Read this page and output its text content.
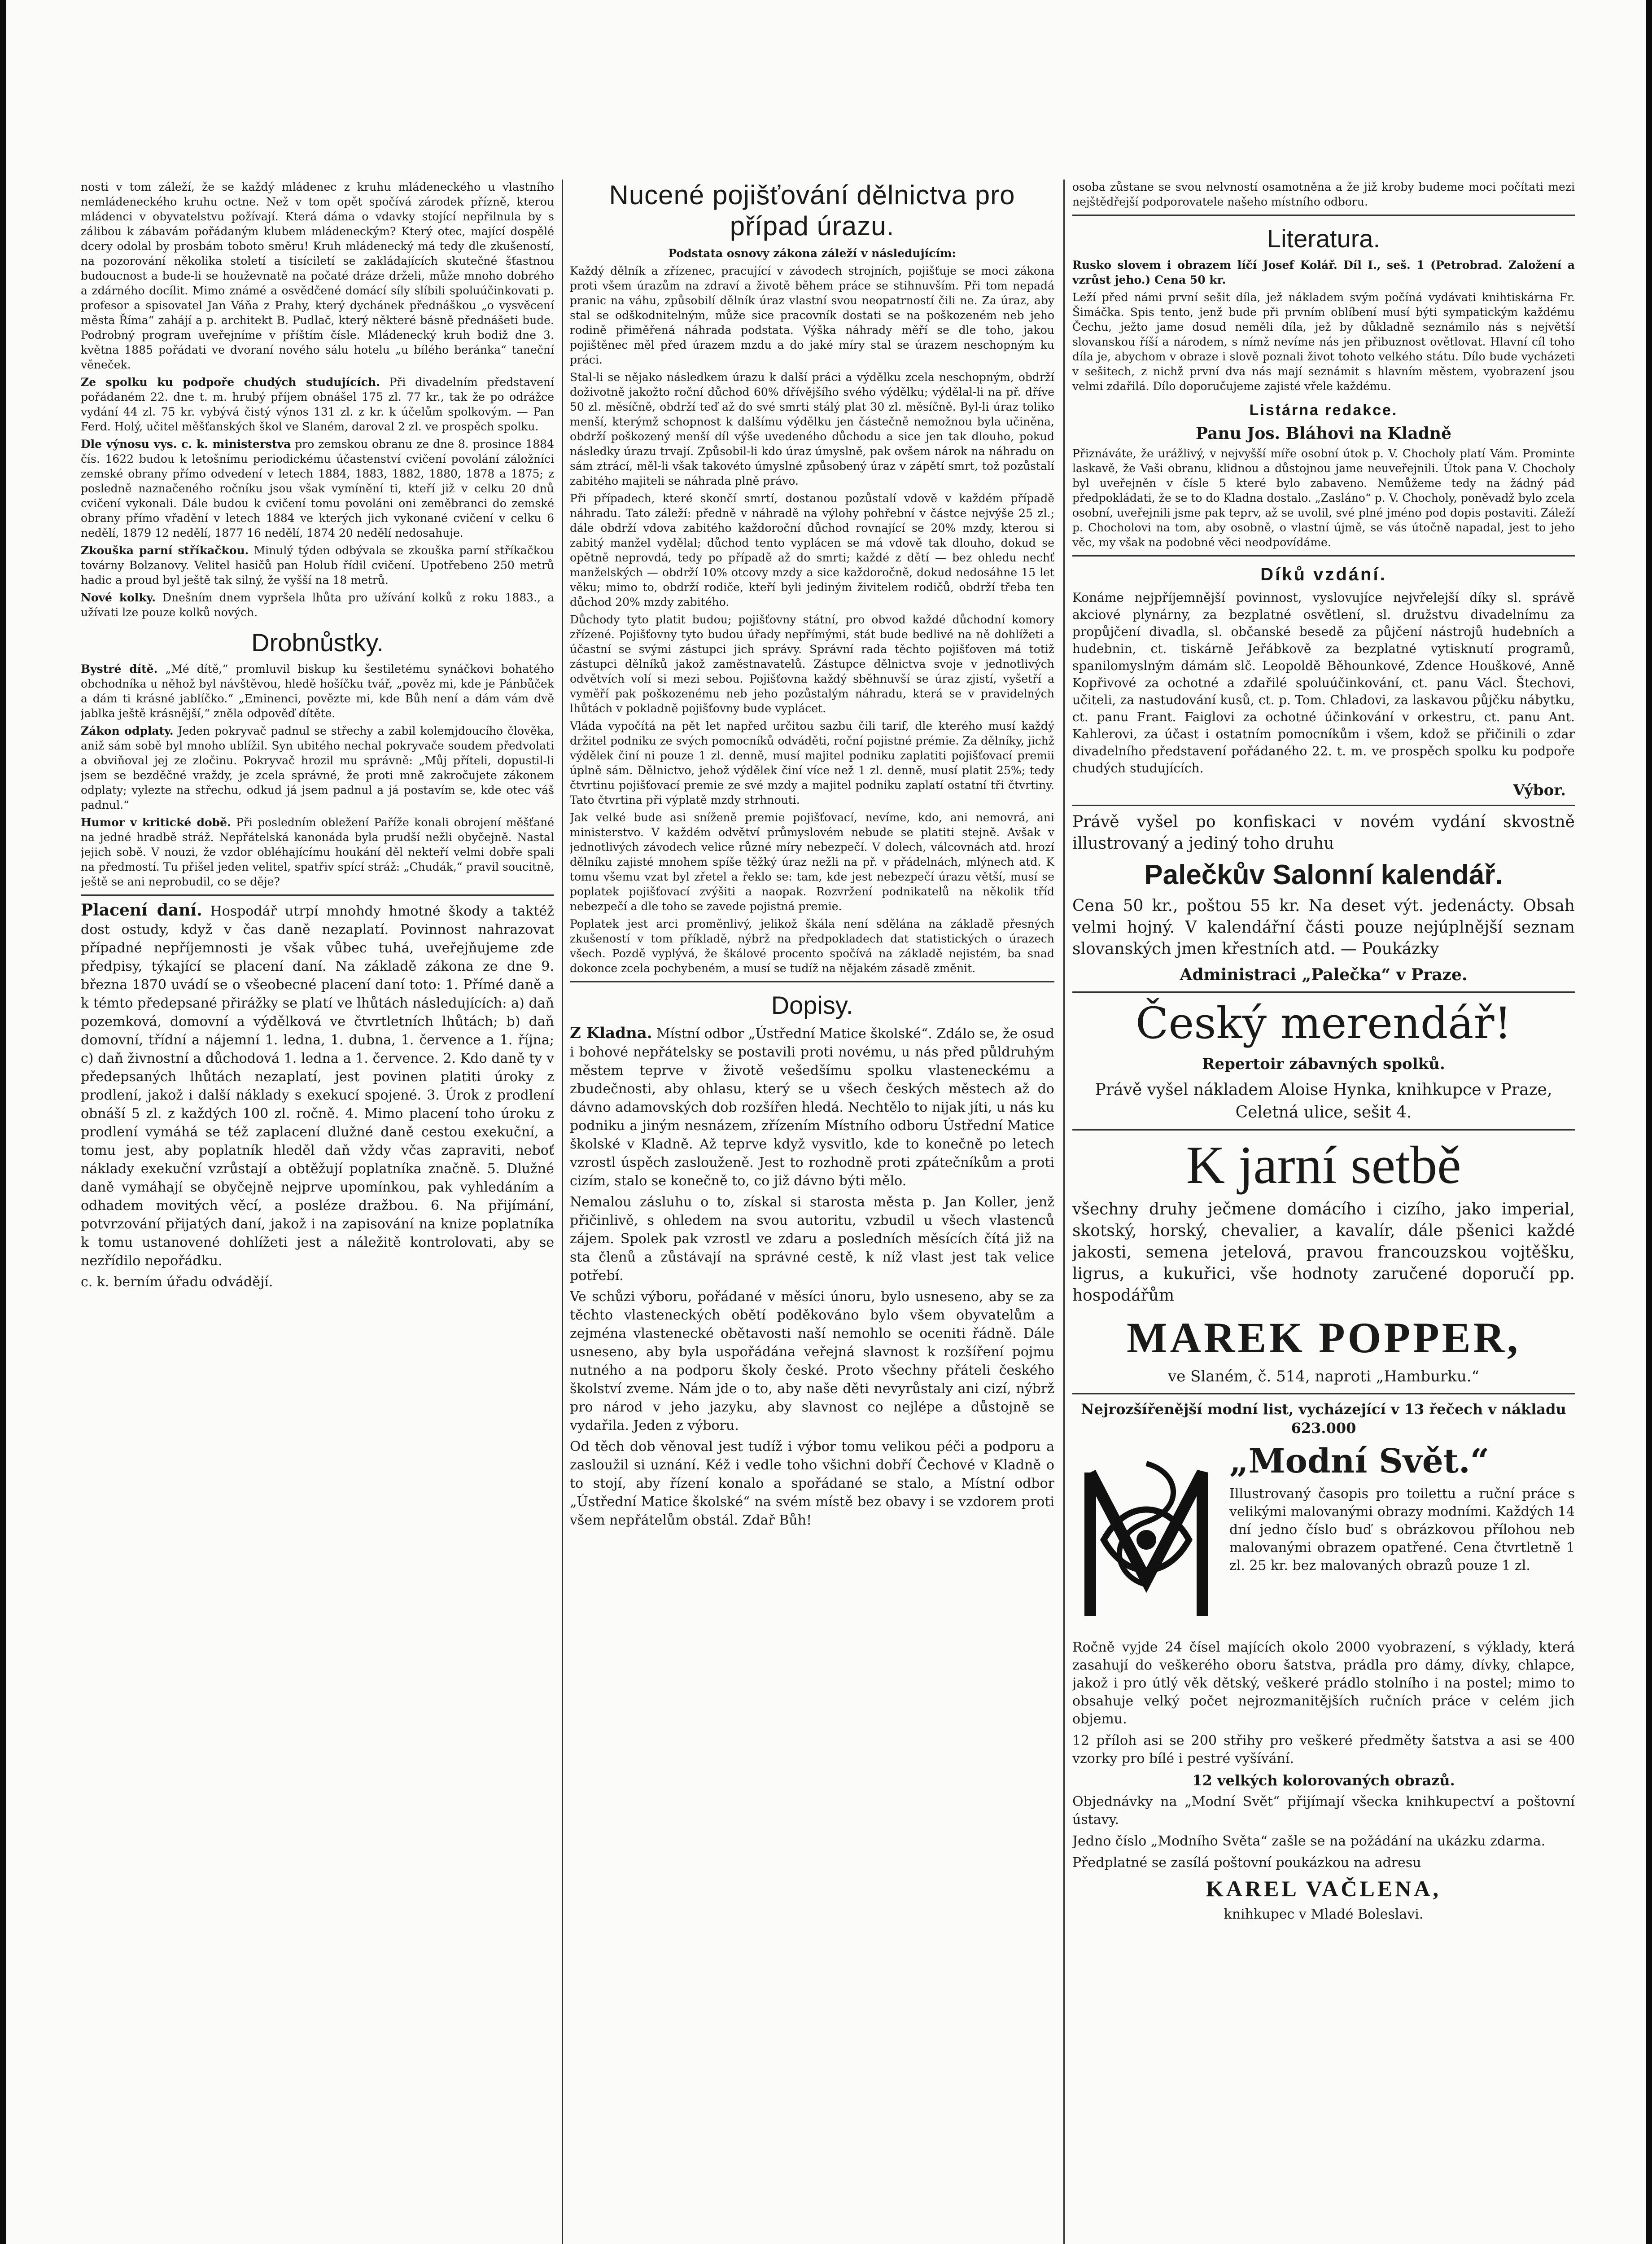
nosti v tom záleží, že se každý mládenec z kruhu mládeneckého u vlastního nemládeneckého kruhu octne. Než v tom opět spočívá zárodek přízně, kterou mládenci v obyvatelstvu požívají. Která dáma o vdavky stojící nepřilnula by s zálibou k zábavám pořádaným klubem mládeneckým? Který otec, mající dospělé dcery odolal by prosbám toboto směru! Kruh mládenecký má tedy dle zkušeností, na pozorování několika století a tisíciletí se zakládajících skutečné šťastnou budoucnost a bude-li se houževnatě na počaté dráze drželi, může mnoho dobrého a zdárného docílit. Mimo známé a osvědčené domácí síly slíbili spoluúčinkovati p. profesor a spisovatel Jan Váňa z Prahy, který dychánek přednáškou „o vysvěcení města Říma“ zahájí a p. architekt B. Pudlač, který některé básně přednášeti bude. Podrobný program uveřejníme v příštím čísle. Mládenecký kruh bodiž dne 3. května 1885 pořádati ve dvoraní nového sálu hotelu „u bílého beránka“ taneční věneček.

Ze spolku ku podpoře chudých studujících. Při divadelním představení pořádaném 22. dne t. m. hrubý příjem obnášel 175 zl. 77 kr., tak že po odrážce vydání 44 zl. 75 kr. vybývá čistý výnos 131 zl. z kr. k účelům spolkovým. — Pan Ferd. Holý, učitel měšťanských škol ve Slaném, daroval 2 zl. ve prospěch spolku.

Dle výnosu vys. c. k. ministerstva pro zemskou obranu ze dne 8. prosince 1884 čís. 1622 budou k letošnímu periodickému účastenství cvičení povolání záložníci zemské obrany přímo odvedení v letech 1884, 1883, 1882, 1880, 1878 a 1875; z posledně naznačeného ročníku jsou však vymínění ti, kteří již v celku 20 dnů cvičení vykonali. Dále budou k cvičení tomu povoláni oni zeměbranci do zemské obrany přímo vřadění v letech 1884 ve kterých jich vykonané cvičení v celku 6 nedělí, 1879 12 nedělí, 1877 16 nedělí, 1874 20 nedělí nedosahuje.

Zkouška parní stříkačkou. Minulý týden odbývala se zkouška parní stříkačkou továrny Bolzanovy. Velitel hasičů pan Holub řídil cvičení. Upotřebeno 250 metrů hadic a proud byl ještě tak silný, že vyšší na 18 metrů.

Nové kolky. Dnešním dnem vypršela lhůta pro užívání kolků z roku 1883., a užívati lze pouze kolků nových.

Drobnůstky.

Bystré dítě. „Mé dítě,“ promluvil biskup ku šestiletému synáčkovi bohatého obchodníka u něhož byl návštěvou, hledě hošíčku tvář, „pověz mi, kde je Pánbůček a dám ti krásné jablíčko.“ „Eminenci, povězte mi, kde Bůh není a dám vám dvě jablka ještě krásnější,“ zněla odpověď dítěte.

Zákon odplaty. Jeden pokryvač padnul se střechy a zabil kolemjdoucího člověka, aniž sám sobě byl mnoho ublížil. Syn ubitého nechal pokryvače soudem předvolati a obviňoval jej ze zločinu. Pokryvač hrozil mu správně: „Můj příteli, dopustil-li jsem se bezděčné vraždy, je zcela správné, že proti mně zakročujete zákonem odplaty; vylezte na střechu, odkud já jsem padnul a já postavím se, kde otec váš padnul.“

Humor v kritické době. Při posledním obležení Paříže konali obrojení měšťané na jedné hradbě stráž. Nepřátelská kanonáda byla prudší nežli obyčejně. Nastal jejich sobě. V nouzi, že vzdor obléhajícímu houkání děl nekteří velmi dobře spali na předmostí. Tu přišel jeden velitel, spatřiv spící stráž: „Chudák,“ pravil soucitně, ještě se ani neprobudil, co se děje?

Placení daní. Hospodář utrpí mnohdy hmotné škody a taktéž dost ostudy, když v čas daně nezaplatí. Povinnost nahrazovat případné nepříjemnosti je však vůbec tuhá, uveřejňujeme zde předpisy, týkající se placení daní. Na základě zákona ze dne 9. března 1870 uvádí se o všeobecné placení daní toto: 1. Přímé daně a k témto předepsané přirážky se platí ve lhůtách následujících: a) daň pozemková, domovní a výdělková ve čtvrtletních lhůtách; b) daň domovní, třídní a nájemní 1. ledna, 1. dubna, 1. července a 1. října; c) daň živnostní a důchodová 1. ledna a 1. července. 2. Kdo daně ty v předepsaných lhůtách nezaplatí, jest povinen platiti úroky z prodlení, jakož i další náklady s exekucí spojené. 3. Úrok z prodlení obnáší 5 zl. z každých 100 zl. ročně. 4. Mimo placení toho úroku z prodlení vymáhá se též zaplacení dlužné daně cestou exekuční, a tomu jest, aby poplatník hleděl daň vždy včas zapraviti, neboť náklady exekuční vzrůstají a obtěžují poplatníka značně. 5. Dlužné daně vymáhají se obyčejně nejprve upomínkou, pak vyhledáním a odhadem movitých věcí, a posléze dražbou. 6. Na přijímání, potvrzování přijatých daní, jakož i na zapisování na knize poplatníka k tomu ustanovené dohlížeti jest a náležitě kontrolovati, aby se nezřídilo nepořádku.

c. k. berním úřadu odvádějí.

Nucené pojišťování dělnictva pro případ úrazu.

Podstata osnovy zákona záleží v následujícím:

Každý dělník a zřízenec, pracující v závodech strojních, pojišťuje se moci zákona proti všem úrazům na zdraví a životě během práce se stihnuvším. Při tom nepadá pranic na váhu, způsobilí dělník úraz vlastní svou neopatrností čili ne. Za úraz, aby stal se odškodnitelným, může sice pracovník dostati se na poškozeném neb jeho rodině přiměřená náhrada podstata. Výška náhrady měří se dle toho, jakou pojištěnec měl před úrazem mzdu a do jaké míry stal se úrazem neschopným ku práci.

Stal-li se nějako následkem úrazu k další práci a výdělku zcela neschopným, obdrží doživotně jakožto roční důchod 60% dřívějšího svého výdělku; výdělal-li na př. dříve 50 zl. měsíčně, obdrží teď až do své smrti stálý plat 30 zl. měsíčně. Byl-li úraz toliko menší, kterýmž schopnost k dalšímu výdělku jen částečně nemožnou byla učiněna, obdrží poškozený menší díl výše uvedeného důchodu a sice jen tak dlouho, pokud následky úrazu trvají. Způsobil-li kdo úraz úmyslně, pak ovšem nárok na náhradu on sám ztrácí, měl-li však takovéto úmyslné způsobený úraz v zápětí smrt, tož pozůstalí zabitého majiteli se náhrada plně právo.

Při případech, které skončí smrtí, dostanou pozůstalí vdově v každém případě náhradu. Tato záleží: předně v náhradě na výlohy pohřební v částce nejvýše 25 zl.; dále obdrží vdova zabitého každoroční důchod rovnající se 20% mzdy, kterou si zabitý manžel vydělal; důchod tento vyplácen se má vdově tak dlouho, dokud se opětně neprovdá, tedy po případě až do smrti; každé z dětí — bez ohledu nechť manželských — obdrží 10% otcovy mzdy a sice každoročně, dokud nedosáhne 15 let věku; mimo to, obdrží rodiče, kteří byli jediným živitelem rodičů, obdrží třeba ten důchod 20% mzdy zabitého.

Důchody tyto platit budou; pojišťovny státní, pro obvod každé důchodní komory zřízené. Pojišťovny tyto budou úřady nepřímými, stát bude bedlivé na ně dohlížeti a účastní se svými zástupci jich správy. Správní rada těchto pojišťoven má totiž zástupci dělníků jakož zaměstnavatelů. Zástupce dělnictva svoje v jednotlivých odvětvích volí si mezi sebou. Pojišťovna každý sběhnuvší se úraz zjistí, vyšetří a vyměří pak poškozenému neb jeho pozůstalým náhradu, která se v pravidelných lhůtách v pokladně pojišťovny bude vyplácet.

Vláda vypočítá na pět let napřed určitou sazbu čili tarif, dle kterého musí každý držitel podniku ze svých pomocníků odváděti, roční pojistné prémie. Za dělníky, jichž výdělek činí ni pouze 1 zl. denně, musí majitel podniku zaplatiti pojišťovací premii úplně sám. Dělnictvo, jehož výdělek činí více než 1 zl. denně, musí platit 25%; tedy čtvrtinu pojišťovací premie ze své mzdy a majitel podniku zaplatí ostatní tři čtvrtiny. Tato čtvrtina při výplatě mzdy strhnouti.

Jak velké bude asi sníženě premie pojišťovací, nevíme, kdo, ani nemovrá, ani ministerstvo. V každém odvětví průmyslovém nebude se platiti stejně. Avšak v jednotlivých závodech velice různé míry nebezpečí. V dolech, válcovnách atd. hrozí dělníku zajisté mnohem spíše těžký úraz nežli na př. v přádelnách, mlýnech atd. K tomu všemu vzat byl zřetel a řeklo se: tam, kde jest nebezpečí úrazu větší, musí se poplatek pojišťovací zvýšiti a naopak. Rozvržení podnikatelů na několik tříd nebezpečí a dle toho se zavede pojistná premie.

Poplatek jest arci proměnlivý, jelikož škála není sdělána na základě přesných zkušeností v tom příkladě, nýbrž na předpokladech dat statistických o úrazech všech. Pozdě vyplývá, že škálové procento spočívá na základě nejistém, ba snad dokonce zcela pochybeném, a musí se tudíž na nějakém zásadě změnit.

Dopisy.

Z Kladna. Místní odbor „Ústřední Matice školské“. Zdálo se, že osud i bohové nepřátelsky se postavili proti novému, u nás před půldruhým městem teprve v životě vešedšímu spolku vlasteneckému a zbudečnosti, aby ohlasu, který se u všech českých městech až do dávno adamovských dob rozšířen hledá. Nechtělo to nijak jíti, u nás ku podniku a jiným nesnázem, zřízením Místního odboru Ústřední Matice školské v Kladně. Až teprve když vysvitlo, kde to konečně po letech vzrostl úspěch zaslouženě. Jest to rozhodně proti zpátečníkům a proti cizím, stalo se konečně to, co již dávno býti mělo.

Nemalou zásluhu o to, získal si starosta města p. Jan Koller, jenž přičinlivě, s ohledem na svou autoritu, vzbudil u všech vlastenců zájem. Spolek pak vzrostl ve zdaru a posledních měsících čítá již na sta členů a zůstávají na správné cestě, k níž vlast jest tak velice potřebí.

Ve schůzi výboru, pořádané v měsíci únoru, bylo usneseno, aby se za těchto vlasteneckých obětí poděkováno bylo všem obyvatelům a zejména vlastenecké obětavosti naší nemohlo se oceniti řádně. Dále usneseno, aby byla uspořádána veřejná slavnost k rozšíření pojmu nutného a na podporu školy české. Proto všechny přáteli českého školství zveme. Nám jde o to, aby naše děti nevyrůstaly ani cizí, nýbrž pro národ v jeho jazyku, aby slavnost co nejlépe a důstojně se vydařila. Jeden z výboru.

Od těch dob věnoval jest tudíž i výbor tomu velikou péči a podporu a zasloužil si uznání. Kéž i vedle toho všichni dobří Čechové v Kladně o to stojí, aby řízení konalo a spořádané se stalo, a Místní odbor „Ústřední Matice školské“ na svém místě bez obavy i se vzdorem proti všem nepřátelům obstál. Zdař Bůh!

osoba zůstane se svou nelvností osamotněna a že již kroby budeme moci počítati mezi nejštědřejší podporovatele našeho místního odboru.

Literatura.

Rusko slovem i obrazem líčí Josef Kolář. Díl I., seš. 1 (Petrobrad. Založení a vzrůst jeho.) Cena 50 kr.

Leží před námi první sešit díla, jež nákladem svým počíná vydávati knihtiskárna Fr. Šimáčka. Spis tento, jenž bude při prvním oblíbení musí býti sympatickým každému Čechu, ježto jame dosud neměli díla, jež by důkladně seznámilo nás s největší slovanskou říší a národem, s nímž nevíme nás jen přibuznost ovětlovat. Hlavní cíl toho díla je, abychom v obraze i slově poznali život tohoto velkého státu. Dílo bude vycházeti v sešitech, z nichž první dva nás mají seznámit s hlavním městem, vyobrazení jsou velmi zdařilá. Dílo doporučujeme zajisté vřele každému.

Listárna redakce.

Panu Jos. Bláhovi na Kladně

Přiznáváte, že urážlivý, v nejvyšší míře osobní útok p. V. Chocholy platí Vám. Prominte laskavě, že Vaši obranu, klidnou a důstojnou jame neuveřejnili. Útok pana V. Chocholy byl uveřejněn v čísle 5 které bylo zabaveno. Nemůžeme tedy na žádný pád předpokládati, že se to do Kladna dostalo. „Zasláno“ p. V. Chocholy, poněvadž bylo zcela osobní, uveřejnili jsme pak teprv, až se uvolil, své plné jméno pod dopis postaviti. Záleží p. Chocholovi na tom, aby osobně, o vlastní újmě, se vás útočně napadal, jest to jeho věc, my však na podobné věci neodpovídáme.

Díků vzdání.

Konáme nejpříjemnější povinnost, vyslovujíce nejvřelejší díky sl. správě akciové plynárny, za bezplatné osvětlení, sl. družstvu divadelnímu za propůjčení divadla, sl. občanské besedě za půjčení nástrojů hudebních a hudebnin, ct. tiskárně Jeřábkově za bezplatné vytisknutí programů, spanilomyslným dámám slč. Leopoldě Běhounkové, Zdence Houškové, Anně Kopřivové za ochotné a zdařilé spoluúčinkování, ct. panu Václ. Štechovi, učiteli, za nastudování kusů, ct. p. Tom. Chladovi, za laskavou půjčku nábytku, ct. panu Frant. Faiglovi za ochotné účinkování v orkestru, ct. panu Ant. Kahlerovi, za účast i ostatním pomocníkům i všem, kdož se přičinili o zdar divadelního představení pořádaného 22. t. m. ve prospěch spolku ku podpoře chudých studujících.

Výbor.

Právě vyšel po konfiskaci v novém vydání skvostně illustrovaný a jediný toho druhu

Palečkův Salonní kalendář.

Cena 50 kr., poštou 55 kr. Na deset výt. jedenácty. Obsah velmi hojný. V kalendářní části pouze nejúplnější seznam slovanských jmen křestních atd. — Poukázky

Administraci „Palečka“ v Praze.

Český merendář!

Repertoir zábavných spolků.

Právě vyšel nákladem Aloise Hynka, knihkupce v Praze, Celetná ulice, sešit 4.

K jarní setbě

všechny druhy ječmene domácího i cizího, jako imperial, skotský, horský, chevalier, a kavalír, dále pšenici každé jakosti, semena jetelová, pravou francouzskou vojtěšku, ligrus, a kukuřici, vše hodnoty zaručené doporučí pp. hospodářům

MAREK POPPER,

ve Slaném, č. 514, naproti „Hamburku.“

Nejrozšířenější modní list, vycházející v 13 řečech v nákladu 623.000

„Modní Svět.“

Illustrovaný časopis pro toilettu a ruční práce s velikými malovanými obrazy modními. Každých 14 dní jedno číslo buď s obrázkovou přílohou neb malovanými obrazem opatřené. Cena čtvrtletně 1 zl. 25 kr. bez malovaných obrazů pouze 1 zl.

Ročně vyjde 24 čísel majících okolo 2000 vyobrazení, s výklady, která zasahují do veškerého oboru šatstva, prádla pro dámy, dívky, chlapce, jakož i pro útlý věk dětský, veškeré prádlo stolního i na postel; mimo to obsahuje velký počet nejrozmanitějších ručních práce v celém jich objemu.

12 příloh asi se 200 střihy pro veškeré předměty šatstva a asi se 400 vzorky pro bílé i pestré vyšívání.

12 velkých kolorovaných obrazů.

Objednávky na „Modní Svět“ přijímají všecka knihkupectví a poštovní ústavy.

Jedno číslo „Modního Světa“ zašle se na požádání na ukázku zdarma.

Předplatné se zasílá poštovní poukázkou na adresu

KAREL VAČLENA,

knihkupec v Mladé Boleslavi.
